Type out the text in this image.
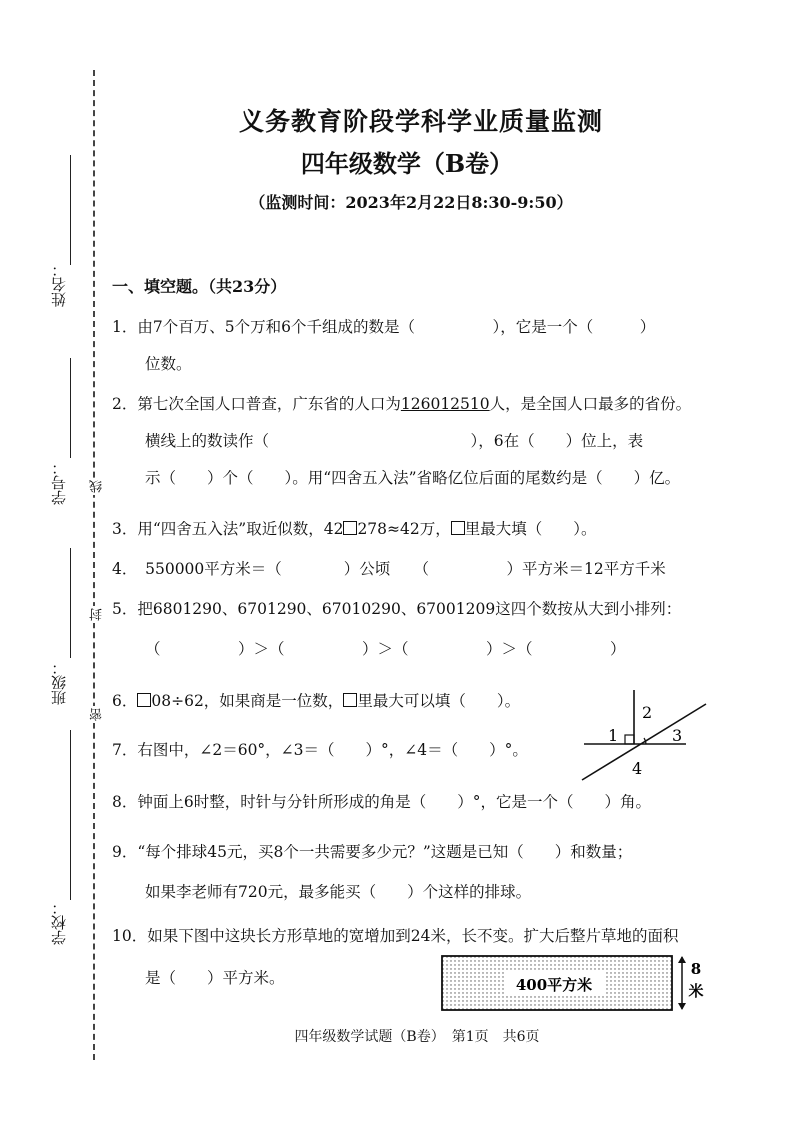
姓名：
学号：
班级：
学校：
线
封
密
义务教育阶段学科学业质量监测
四年级数学（B卷）
（监测时间：2023年2月22日8:30-9:50）
一、填空题。（共23分）
1．由7个百万、5个万和6个千组成的数是（　　　　　），它是一个（　　　）
位数。
2．第七次全国人口普查，广东省的人口为126012510人，是全国人口最多的省份。
横线上的数读作（　　　　　　　　　　　　　），6在（　　）位上，表
示（　　）个（　　）。用“四舍五入法”省略亿位后面的尾数约是（　　）亿。
3．用“四舍五入法”取近似数，42 278≈42万， 里最大填（　　）。
4．　550000平方米＝（　　　　）公顷　　（　　　　　）平方米＝12平方千米
5．把6801290、6701290、67010290、67001209这四个数按从大到小排列：
（　　　　　）＞（　　　　　）＞（　　　　　）＞（　　　　　）
6． 08÷62，如果商是一位数， 里最大可以填（　　）。
7．右图中，∠2＝60°，∠3＝（　　）°，∠4＝（　　）°。
1
2
3
4
8．钟面上6时整，时针与分针所形成的角是（　　）°，它是一个（　　）角。
9．“每个排球45元，买8个一共需要多少元？”这题是已知（　　）和数量；
如果李老师有720元，最多能买（　　）个这样的排球。
10．如果下图中这块长方形草地的宽增加到24米，长不变。扩大后整片草地的面积
是（　　）平方米。	400平方米
8
米
四年级数学试题（B卷）　第1页　共6页
